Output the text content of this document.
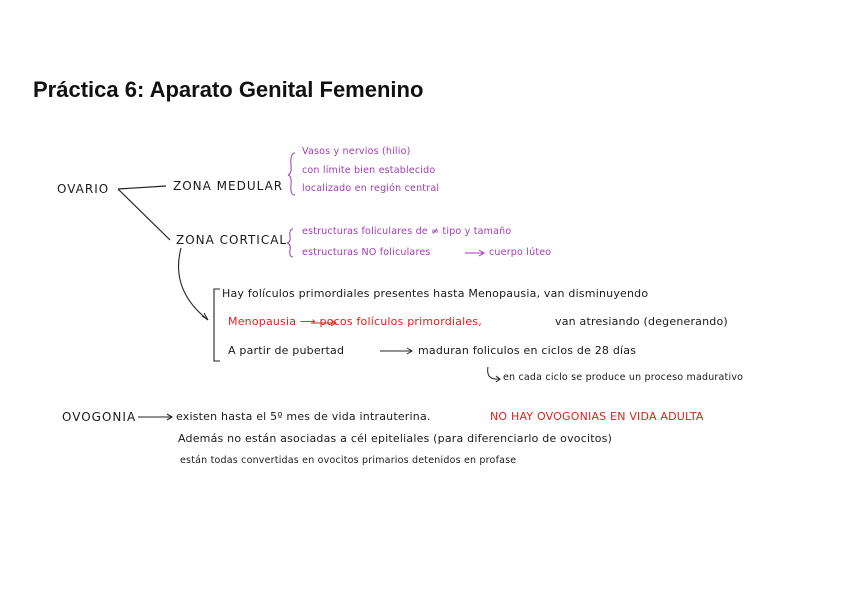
Práctica 6: Aparato Genital Femenino
OVARIO	ZONA MEDULAR
ZONA CORTICAL
Vasos y nervios (hilio)
con límite bien establecido
localizado en región central
estructuras foliculares de ≠ tipo y tamaño
estructuras NO foliculares	cuerpo lúteo
Hay folículos primordiales presentes hasta Menopausia, van disminuyendo
Menopausia ⟶ pocos folículos primordiales,	van atresiando (degenerando)
A partir de pubertad	maduran foliculos en ciclos de 28 días
en cada ciclo se produce un proceso madurativo
OVOGONIA	existen hasta el 5º mes de vida intrauterina.	NO HAY OVOGONIAS EN VIDA ADULTA
Además no están asociadas a cél epiteliales (para diferenciarlo de ovocitos)
están todas convertidas en ovocitos primarios detenidos en profase
